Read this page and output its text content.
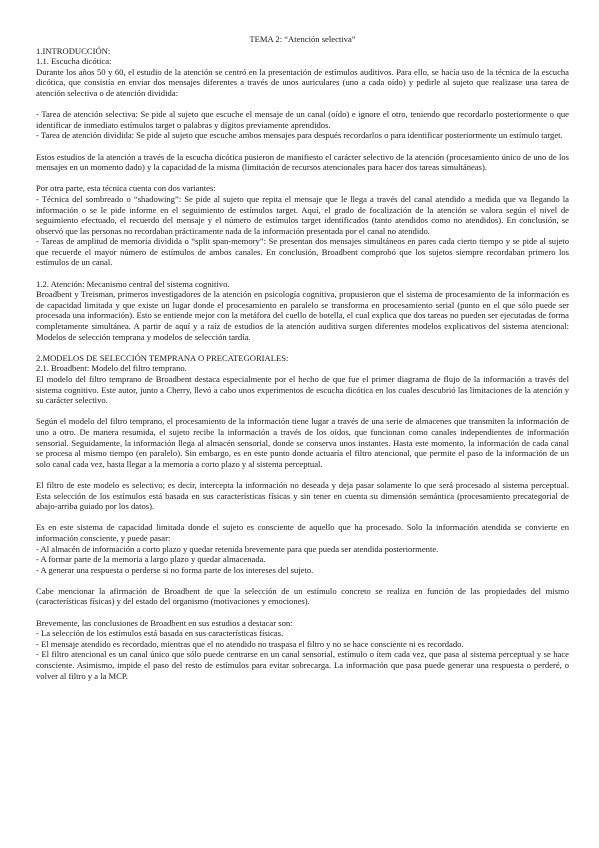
TEMA 2: “Atención selectiva”

1.INTRODUCCIÓN:

1.1. Escucha dicótica:

Durante los años 50 y 60, el estudio de la atención se centró en la presentación de estímulos auditivos. Para ello, se hacía uso de la técnica de la escucha dicótica, que consistía en enviar dos mensajes diferentes a través de unos auriculares (uno a cada oído) y pedirle al sujeto que realizase una tarea de atención selectiva o de atención dividida:

- Tarea de atención selectiva: Se pide al sujeto que escuche el mensaje de un canal (oído) e ignore el otro, teniendo que recordarlo posteriormente o que identificar de inmediato estímulos target o palabras y dígitos previamente aprendidos.

- Tarea de atención dividida: Se pide al sujeto que escuche ambos mensajes para después recordarlos o para identificar posteriormente un estímulo target.

Estos estudios de la atención a través de la escucha dicótica pusieron de manifiesto el carácter selectivo de la atención (procesamiento único de uno de los mensajes en un momento dado) y la capacidad de la misma (limitación de recursos atencionales para hacer dos tareas simultáneas).

Por otra parte, esta técnica cuenta con dos variantes:

- Técnica del sombreado o “shadowing”: Se pide al sujeto que repita el mensaje que le llega a través del canal atendido a medida que va llegando la información o se le pide informe en el seguimiento de estímulos target. Aquí, el grado de focalización de la atención se valora según el nivel de seguimiento efectuado, el recuerdo del mensaje y el número de estímulos target identificados (tanto atendidos como no atendidos). En conclusión, se observó que las personas no recordaban prácticamente nada de la información presentada por el canal no atendido.

- Tareas de amplitud de memoria dividida o “split span-memory”: Se presentan dos mensajes simultáneos en pares cada cierto tiempo y se pide al sujeto que recuerde el mayor número de estímulos de ambos canales. En conclusión, Broadbent comprobó que los sujetos siempre recordaban primero los estímulos de un canal.

1.2. Atención: Mecanismo central del sistema cognitivo.

Broadbent y Treisman, primeros investigadores de la atención en psicología cognitiva, propusieron que el sistema de procesamiento de la información es de capacidad limitada y que existe un lugar donde el procesamiento en paralelo se transforma en procesamiento serial (punto en el que sólo puede ser procesada una información). Esto se entiende mejor con la metáfora del cuello de botella, el cual explica que dos tareas no pueden ser ejecutadas de forma completamente simultánea. A partir de aquí y a raíz de estudios de la atención auditiva surgen diferentes modelos explicativos del sistema atencional: Modelos de selección temprana y modelos de selección tardía.

2.MODELOS DE SELECCIÓN TEMPRANA O PRECATEGORIALES:

2.1. Broadbent: Modelo del filtro temprano.

El modelo del filtro temprano de Broadbent destaca especialmente por el hecho de que fue el primer diagrama de flujo de la información a través del sistema cognitivo. Este autor, junto a Cherry, llevó a cabo unos experimentos de escucha dicótica en los cuales descubrió las limitaciones de la atención y su carácter selectivo.

Según el modelo del filtro temprano, el procesamiento de la información tiene lugar a través de una serie de almacenes que transmiten la información de uno a otro. De manera resumida, el sujeto recibe la información a través de los oídos, que funcionan como canales independientes de información sensorial. Seguidamente, la información llega al almacén sensorial, donde se conserva unos instantes. Hasta este momento, la información de cada canal se procesa al mismo tiempo (en paralelo). Sin embargo, es en este punto donde actuaría el filtro atencional, que permite el paso de la información de un solo canal cada vez, hasta llegar a la memoria a corto plazo y al sistema perceptual.

El filtro de este modelo es selectivo; es decir, intercepta la información no deseada y deja pasar solamente lo que será procesado al sistema perceptual. Esta selección de los estímulos está basada en sus características físicas y sin tener en cuenta su dimensión semántica (procesamiento precategorial de abajo-arriba guiado por los datos).

Es en este sistema de capacidad limitada donde el sujeto es consciente de aquello que ha procesado. Solo la información atendida se convierte en información consciente, y puede pasar:

- Al almacén de información a corto plazo y quedar retenida brevemente para que pueda ser atendida posteriormente.

- A formar parte de la memoria a largo plazo y quedar almacenada.

- A generar una respuesta o perderse si no forma parte de los intereses del sujeto.

Cabe mencionar la afirmación de Broadbent de que la selección de un estímulo concreto se realiza en función de las propiedades del mismo (características físicas) y del estado del organismo (motivaciones y emociones).

Brevemente, las conclusiones de Broadbent en sus estudios a destacar son:

- La selección de los estímulos está basada en sus características físicas.

- El mensaje atendido es recordado, mientras que el no atendido no traspasa el filtro y no se hace consciente ni es recordado.

- El filtro atencional es un canal único que sólo puede centrarse en un canal sensorial, estímulo o ítem cada vez, que pasa al sistema perceptual y se hace consciente. Asimismo, impide el paso del resto de estímulos para evitar sobrecarga. La información que pasa puede generar una respuesta o perderé, o volver al filtro y a la MCP.
